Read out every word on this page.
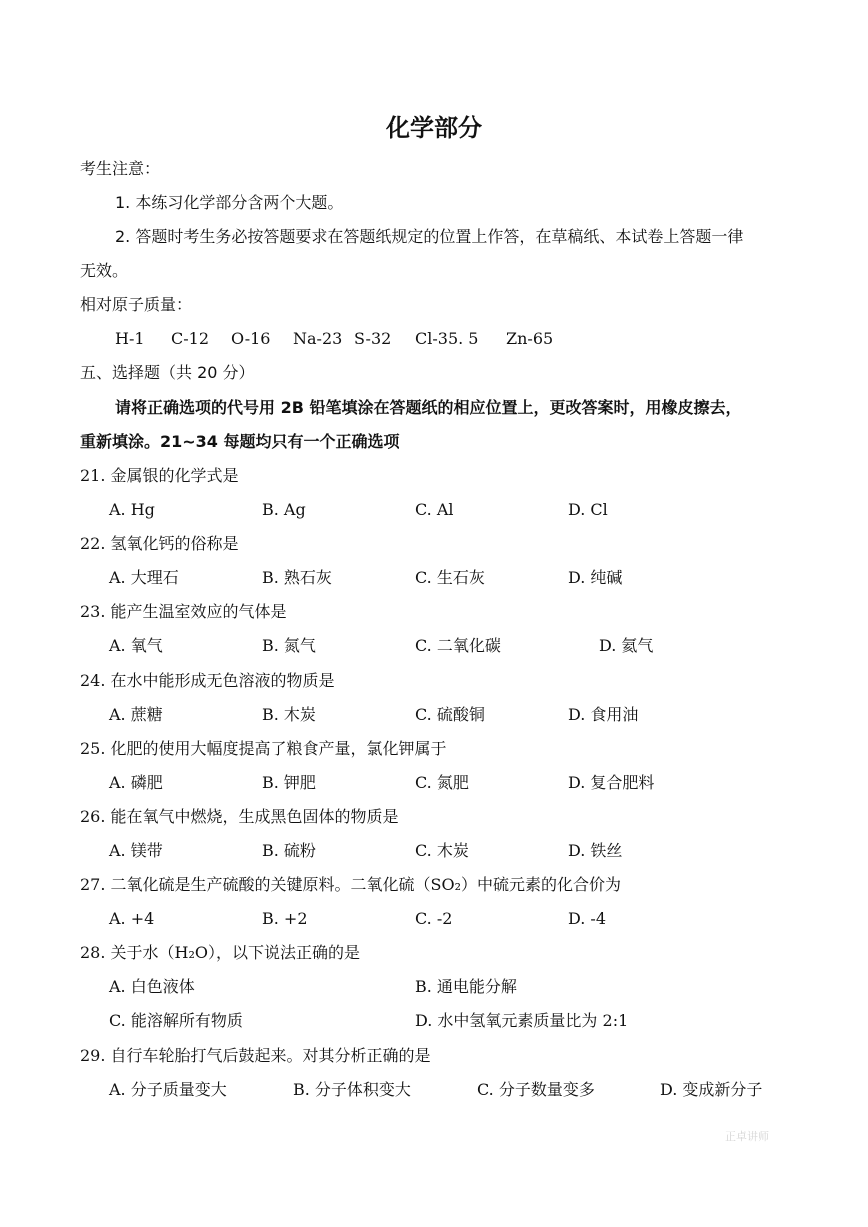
化学部分
考生注意：
1. 本练习化学部分含两个大题。
2. 答题时考生务必按答题要求在答题纸规定的位置上作答，在草稿纸、本试卷上答题一律
无效。
相对原子质量：
H-1 C-12 O-16 Na-23 S-32 Cl-35. 5 Zn-65
五、选择题（共 20 分）
请将正确选项的代号用 2B 铅笔填涂在答题纸的相应位置上，更改答案时，用橡皮擦去，
重新填涂。21~34 每题均只有一个正确选项
21. 金属银的化学式是
A. Hg	B. Ag	C. Al	D. Cl
22. 氢氧化钙的俗称是
A. 大理石	B. 熟石灰	C. 生石灰	D. 纯碱
23. 能产生温室效应的气体是
A. 氧气	B. 氮气	C. 二氧化碳	D. 氦气
24. 在水中能形成无色溶液的物质是
A. 蔗糖	B. 木炭	C. 硫酸铜	D. 食用油
25. 化肥的使用大幅度提高了粮食产量，氯化钾属于
A. 磷肥	B. 钾肥	C. 氮肥	D. 复合肥料
26. 能在氧气中燃烧，生成黑色固体的物质是
A. 镁带	B. 硫粉	C. 木炭	D. 铁丝
27. 二氧化硫是生产硫酸的关键原料。二氧化硫（SO₂）中硫元素的化合价为
A. +4	B. +2	C. -2	D. -4
28. 关于水（H₂O），以下说法正确的是
A. 白色液体	B. 通电能分解
C. 能溶解所有物质	D. 水中氢氧元素质量比为 2:1
29. 自行车轮胎打气后鼓起来。对其分析正确的是
A. 分子质量变大	B. 分子体积变大	C. 分子数量变多	D. 变成新分子
正卓讲师
